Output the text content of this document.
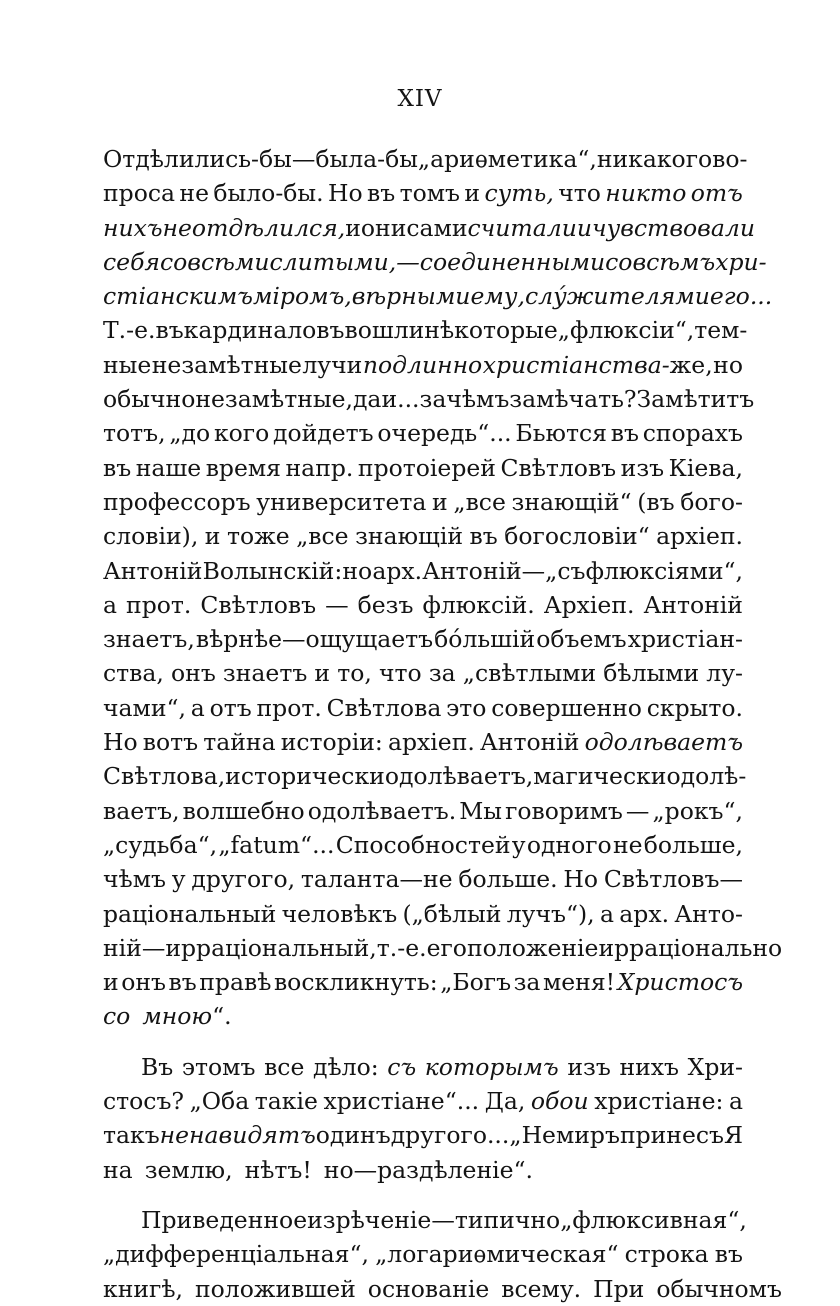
XIV
Отдѣлились-бы—была-бы „ариѳметика“, никакого во-
проса не было-бы. Но въ томъ и суть, что никто отъ
нихъ не отдѣлился, и они сами считали и чувствовали
себя со всѣми слитыми, — соединенными со всѣмъ хри-
стіанскимъ міромъ, вѣрными ему, слу́жителями его...
Т.-е. въ кардиналовъ вошли нѣкоторые „флюксіи“, тем-
ные незамѣтные лучи подлинно христіанства-же, но
обычно незамѣтные, да и... зачѣмъ замѣчать? Замѣтитъ
тотъ, „до кого дойдетъ очередь“... Бьются въ спорахъ
въ наше время напр. протоіерей Свѣтловъ изъ Кіева,
профессоръ университета и „все знающій“ (въ бого-
словіи), и тоже „все знающій въ богословіи“ архіеп.
Антоній Волынскій: но арх. Антоній—„съ флюксіями“,
а прот. Свѣтловъ — безъ флюксій. Архіеп. Антоній
знаетъ, вѣрнѣе—ощущаетъ бо́льшій объемъ христіан-
ства, онъ знаетъ и то, что за „свѣтлыми бѣлыми лу-
чами“, а отъ прот. Свѣтлова это совершенно скрыто.
Но вотъ тайна исторіи: архіеп. Антоній одолѣваетъ
Свѣтлова, исторически одолѣваетъ, магически одолѣ-
ваетъ, волшебно одолѣваетъ. Мы говоримъ — „рокъ“,
„судьба“, „fatum“... Способностей у одного не больше,
чѣмъ у другого, таланта—не больше. Но Свѣтловъ—
раціональный человѣкъ („бѣлый лучъ“), а арх. Анто-
ній—ирраціональный, т.-е. его положеніе ирраціонально
и онъ въ правѣ воскликнуть: „Богъ за меня! Христосъ
со мною“.
Въ этомъ все дѣло: съ которымъ изъ нихъ Хри-
стосъ? „Оба такіе христіане“... Да, обои христіане: а
такъ ненавидятъ одинъ другого... „Не миръ принесъ Я
на землю, нѣтъ! но—раздѣленіе“.
Приведенное изрѣченіе — типично „флюксивная“,
„дифференціальная“, „логариѳмическая“ строка въ
книгѣ, положившей основаніе всему. При обычномъ
